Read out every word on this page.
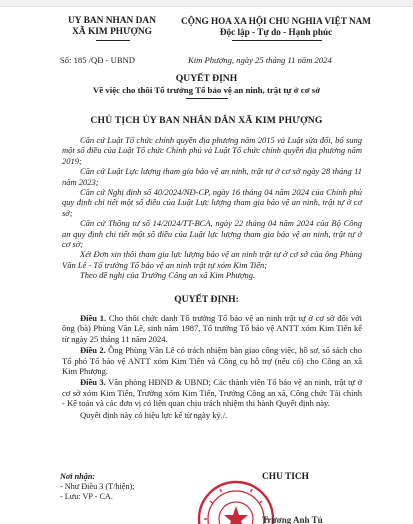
UY BAN NHAN DAN
XÃ KIM PHƯỢNG
CỘNG HOA XA HỘI CHU NGHIA VIỆT NAM
Độc lập - Tự do - Hạnh phúc
Số: 185 /QĐ - UBND	Kim Phượng, ngày 25 tháng 11 năm 2024
QUYẾT ĐỊNH
Về việc cho thôi Tổ trưởng Tổ bảo vệ an ninh, trật tự ở cơ sở
CHỦ TỊCH ỦY BAN NHÂN DÂN XÃ KIM PHƯỢNG

Căn cứ Luật Tổ chức chính quyền địa phương năm 2015 và Luật sửa đổi, bổ sung một số điều của Luật Tổ chức Chính phủ và Luật Tổ chức chính quyền địa phương năm 2019;

Căn cứ Luật Lực lượng tham gia bảo vệ an ninh, trật tự ở cơ sở ngày 28 tháng 11 năm 2023;

Căn cứ Nghị định số 40/2024/NĐ-CP, ngày 16 tháng 04 năm 2024 của Chính phủ quy định chi tiết một số điều của Luật Lực lượng tham gia bảo vệ an ninh, trật tự ở cơ sở;

Căn cứ Thông tư số 14/2024/TT-BCA, ngày 22 tháng 04 năm 2024 của Bộ Công an quy định chi tiết một số điều của Luật lực lượng tham gia bảo vệ an ninh, trật tự ở cơ sở;

Xét Đơn xin thôi tham gia lực lượng bảo vệ an ninh trật tự ở cơ sở của ông Phùng Văn Lê - Tổ trưởng Tổ bảo vệ an ninh trật tự xóm Kim Tiến;

Theo đề nghị của Trưởng Công an xã Kim Phượng.

QUYẾT ĐỊNH:

Điều 1. Cho thôi chức danh Tổ trưởng Tổ bảo vệ an ninh trật tự ở cơ sở đối với ông (bà) Phùng Văn Lê, sinh năm 1987, Tổ trưởng Tổ bảo vệ ANTT xóm Kim Tiến kể từ ngày 25 tháng 11 năm 2024.

Điều 2. Ông Phùng Văn Lê có trách nhiệm bàn giao công việc, hồ sơ, sổ sách cho Tổ phó Tổ bảo vệ ANTT xóm Kim Tiến và Công cụ hỗ trợ (nếu có) cho Công an xã Kim Phượng.

Điều 3. Văn phòng HĐND & UBND; Các thành viên Tổ bảo vệ an ninh, trật tự ở cơ sở xóm Kim Tiến, Trưởng xóm Kim Tiến, Trưởng Công an xã, Công chức Tài chính - Kế toán và các đơn vị có liên quan chịu trách nhiệm thi hành Quyết định này.

Quyết định này có hiệu lực kể từ ngày ký./.

Nơi nhận:
- Như Điều 3 (T/hiện);
- Lưu: VP - CA.
CHU TICH
Trương Anh Tú
